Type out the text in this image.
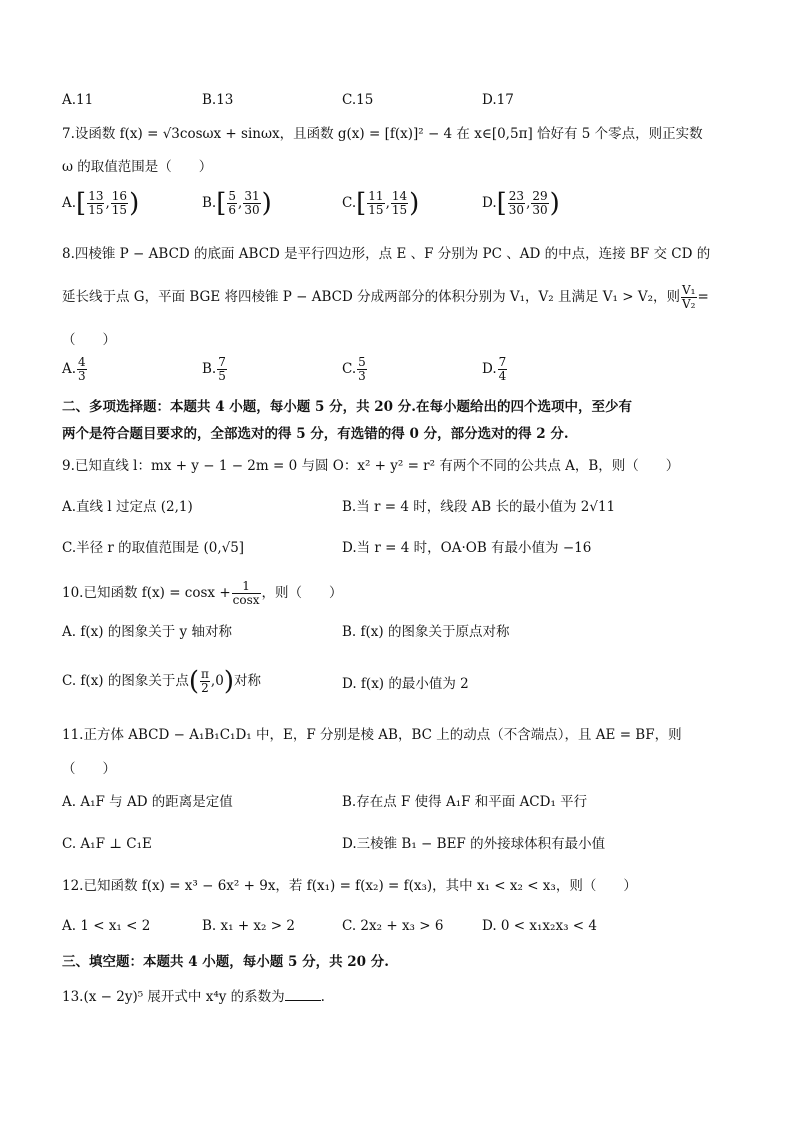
A.11	B.13	C.15	D.17
7.设函数 f(x) = √3cosωx + sinωx，且函数 g(x) = [f(x)]² − 4 在 x∈[0,5π] 恰好有 5 个零点，则正实数
ω 的取值范围是（　　）
$A.[ \frac{13}{15}$ , $\frac{16}{15}$ )	$B.[ \frac{5}{6}$ , $\frac{31}{30}$ )	$C.[ \frac{11}{15}$ , $\frac{14}{15}$ )	$D.[ \frac{23}{30}$ , $\frac{29}{30}$ )
8.四棱锥 P − ABCD 的底面 ABCD 是平行四边形，点 E 、F 分别为 PC 、AD 的中点，连接 BF 交 CD 的
延长线于点 G，平面 BGE 将四棱锥 P − ABCD 分成两部分的体积分别为 V₁，V₂ 且满足 V₁ > V₂，则 $\frac{\text{V₁}}{\text{V₂}}$ =
（　　）
A. $\frac{4}{3}$	B. $\frac{7}{5}$	C. $\frac{5}{3}$	D. $\frac{7}{4}$
二、多项选择题：本题共 4 小题，每小题 5 分，共 20 分.在每小题给出的四个选项中，至少有
两个是符合题目要求的，全部选对的得 5 分，有选错的得 0 分，部分选对的得 2 分.
9.已知直线 l：mx + y − 1 − 2m = 0 与圆 O：x² + y² = r² 有两个不同的公共点 A，B，则（　　）
A.直线 l 过定点 (2,1)	B.当 r = 4 时，线段 AB 长的最小值为 2√11
C.半径 r 的取值范围是 (0,√5]	D.当 r = 4 时，OA·OB 有最小值为 −16
10.已知函数 $f(x) = \cos x + \frac{1}{\cos x}$ ，则（　　）
A. f(x) 的图象关于 y 轴对称	B. f(x) 的图象关于原点对称
C. f(x) 的图象关于点( $\frac{\pi}{2} ,0$)对称	D. f(x) 的最小值为 2
11.正方体 ABCD − A₁B₁C₁D₁ 中，E，F 分别是棱 AB，BC 上的动点（不含端点），且 AE = BF，则
（　　）
A. A₁F 与 AD 的距离是定值	B.存在点 F 使得 A₁F 和平面 ACD₁ 平行
C. A₁F ⊥ C₁E	D.三棱锥 B₁ − BEF 的外接球体积有最小值
12.已知函数 f(x) = x³ − 6x² + 9x，若 f(x₁) = f(x₂) = f(x₃)，其中 x₁ < x₂ < x₃，则（　　）
A. 1 < x₁ < 2	B. x₁ + x₂ > 2	C. 2x₂ + x₃ > 6	D. 0 < x₁x₂x₃ < 4
三、填空题：本题共 4 小题，每小题 5 分，共 20 分.
13.(x − 2y)⁵ 展开式中 x⁴y 的系数为	.
